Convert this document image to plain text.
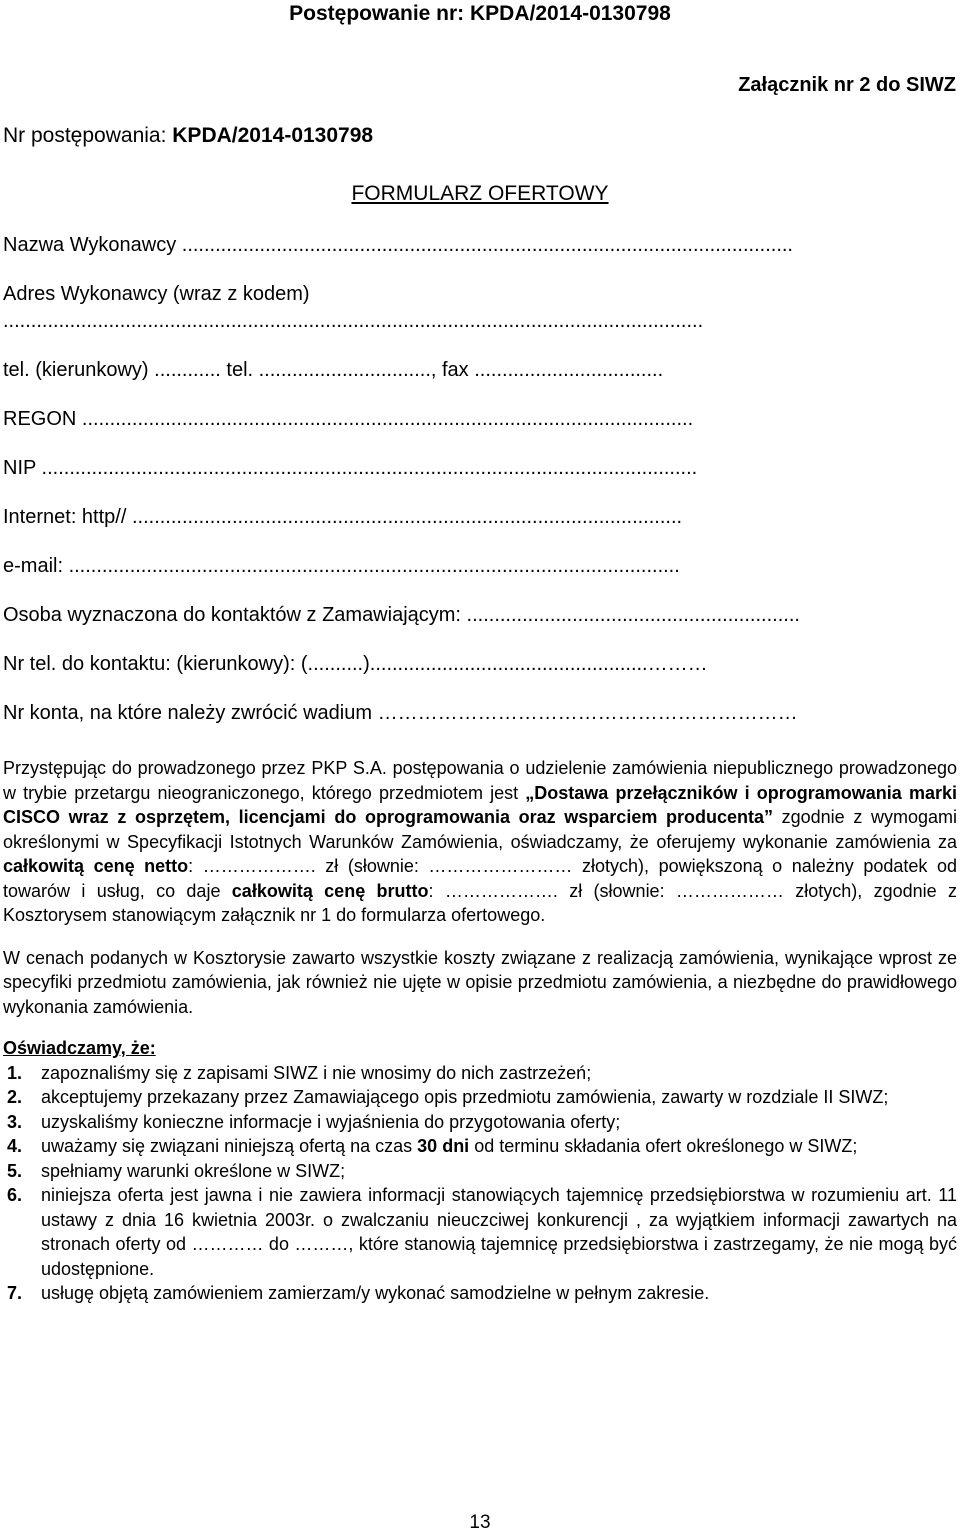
Postępowanie nr: KPDA/2014-0130798
Załącznik nr 2 do SIWZ
Nr postępowania: KPDA/2014-0130798
FORMULARZ OFERTOWY
Nazwa Wykonawcy ..............................................................................................................
Adres Wykonawcy (wraz z kodem)
..............................................................................................................................
tel. (kierunkowy) ............ tel. ..............................., fax ..................................
REGON ..............................................................................................................
NIP ......................................................................................................................
Internet: http// ...................................................................................................
e-mail: ..............................................................................................................
Osoba wyznaczona do kontaktów z Zamawiającym: ............................................................
Nr tel. do kontaktu: (kierunkowy): (..........)..................................................………
Nr konta, na które należy zwrócić wadium ………………………………………………………

Przystępując do prowadzonego przez PKP S.A. postępowania o udzielenie zamówienia niepublicznego prowadzonego w trybie przetargu nieograniczonego, którego przedmiotem jest „Dostawa przełączników i oprogramowania marki CISCO wraz z osprzętem, licencjami do oprogramowania oraz wsparciem producenta” zgodnie z wymogami określonymi w Specyfikacji Istotnych Warunków Zamówienia, oświadczamy, że oferujemy wykonanie zamówienia za całkowitą cenę netto: ………………. zł (słownie: …………………… złotych), powiększoną o należny podatek od towarów i usług, co daje całkowitą cenę brutto: ………………. zł (słownie: ……………… złotych), zgodnie z Kosztorysem stanowiącym załącznik nr 1 do formularza ofertowego.

W cenach podanych w Kosztorysie zawarto wszystkie koszty związane z realizacją zamówienia, wynikające wprost ze specyfiki przedmiotu zamówienia, jak również nie ujęte w opisie przedmiotu zamówienia, a niezbędne do prawidłowego wykonania zamówienia.

Oświadczamy, że:

1. zapoznaliśmy się z zapisami SIWZ i nie wnosimy do nich zastrzeżeń;
2. akceptujemy przekazany przez Zamawiającego opis przedmiotu zamówienia, zawarty w rozdziale II SIWZ;
3. uzyskaliśmy konieczne informacje i wyjaśnienia do przygotowania oferty;
4. uważamy się związani niniejszą ofertą na czas 30 dni od terminu składania ofert określonego w SIWZ;
5. spełniamy warunki określone w SIWZ;
6. niniejsza oferta jest jawna i nie zawiera informacji stanowiących tajemnicę przedsiębiorstwa w rozumieniu art. 11 ustawy z dnia 16 kwietnia 2003r. o zwalczaniu nieuczciwej konkurencji , za wyjątkiem informacji zawartych na stronach oferty od ………… do ………, które stanowią tajemnicę przedsiębiorstwa i zastrzegamy, że nie mogą być udostępnione.
7. usługę objętą zamówieniem zamierzam/y wykonać samodzielne w pełnym zakresie.
13
